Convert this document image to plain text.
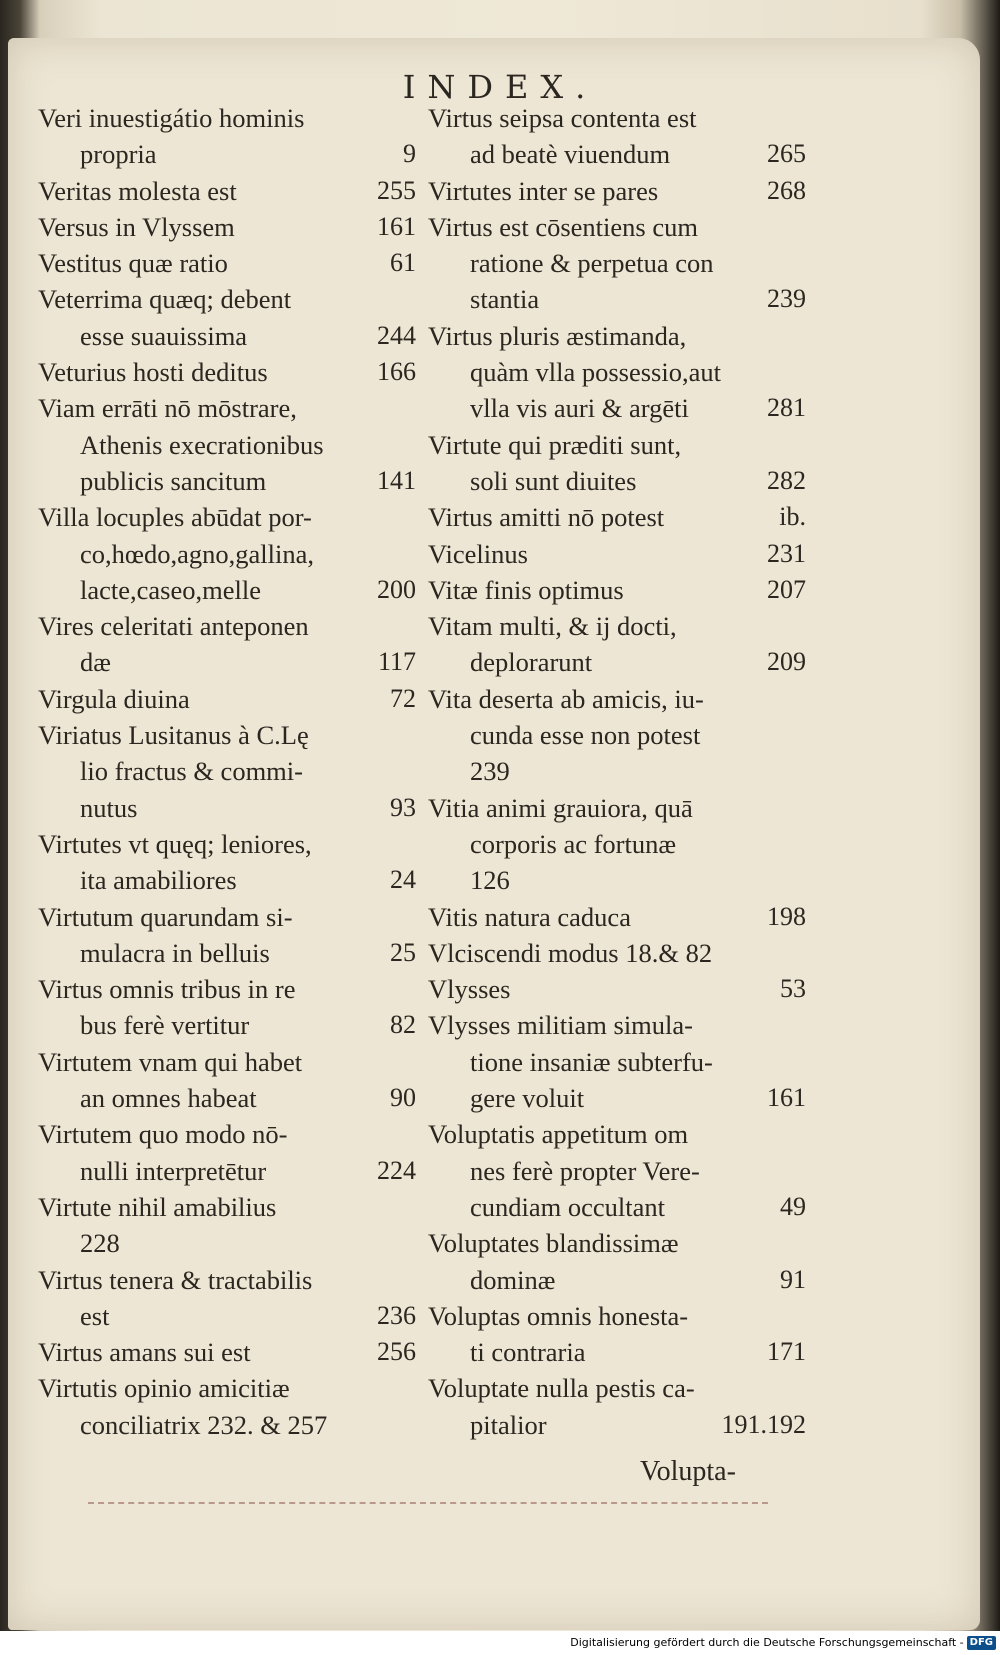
INDEX.
Veri inuestigátio hominis
propria	9
Veritas molesta est	255
Versus in Vlyssem	161
Vestitus quæ ratio	61
Veterrima quæq; debent
esse suauissima	244
Veturius hosti deditus	166
Viam errāti nō mōstrare,
Athenis execrationibus
publicis sancitum	141
Villa locuples abūdat por-
co,hœdo,agno,gallina,
lacte,caseo,melle	200
Vires celeritati anteponen
dæ	117
Virgula diuina	72
Viriatus Lusitanus à C.Lę
lio fractus & commi-
nutus	93
Virtutes vt quęq; leniores,
ita amabiliores	24
Virtutum quarundam si-
mulacra in belluis	25
Virtus omnis tribus in re
bus ferè vertitur	82
Virtutem vnam qui habet
an omnes habeat	90
Virtutem quo modo nō-
nulli interpretētur	224
Virtute nihil amabilius
228
Virtus tenera & tractabilis
est	236
Virtus amans sui est	256
Virtutis opinio amicitiæ
conciliatrix 232. & 257
Virtus seipsa contenta est
ad beatè viuendum	265
Virtutes inter se pares	268
Virtus est cōsentiens cum
ratione & perpetua con
stantia	239
Virtus pluris æstimanda,
quàm vlla possessio,aut
vlla vis auri & argēti	281
Virtute qui præditi sunt,
soli sunt diuites	282
Virtus amitti nō potest	ib.
Vicelinus	231
Vitæ finis optimus	207
Vitam multi, & ij docti,
deplorarunt	209
Vita deserta ab amicis, iu-
cunda esse non potest
239
Vitia animi grauiora, quā
corporis ac fortunæ
126
Vitis natura caduca	198
Vlciscendi modus 18.& 82
Vlysses	53
Vlysses militiam simula-
tione insaniæ subterfu-
gere voluit	161
Voluptatis appetitum om
nes ferè propter Vere-
cundiam occultant	49
Voluptates blandissimæ
dominæ	91
Voluptas omnis honesta-
ti contraria	171
Voluptate nulla pestis ca-
pitalior	191.192
Volupta-
Digitalisierung gefördert durch die Deutsche Forschungsgemeinschaft - DFG
